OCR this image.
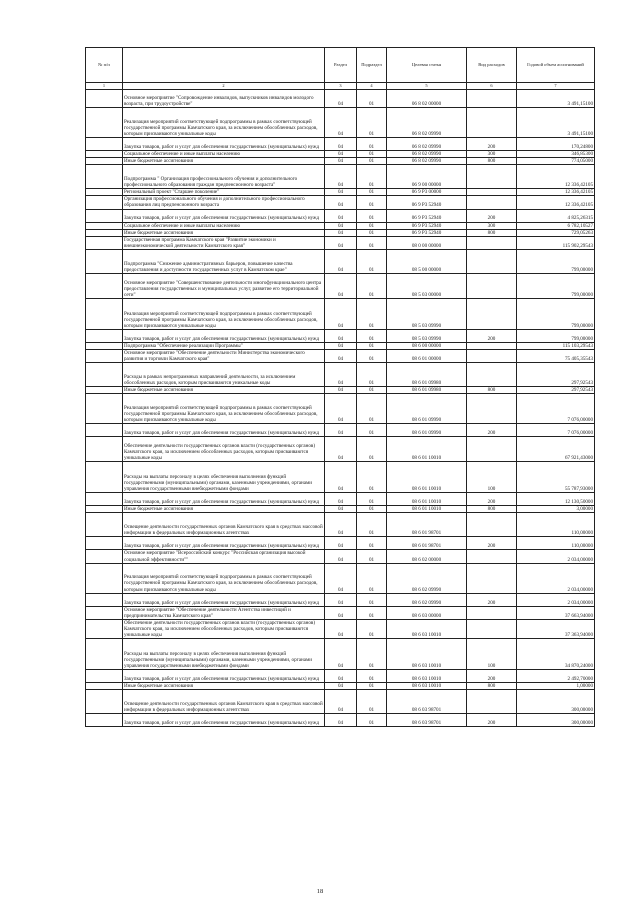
№ п/п		Раздел	Подраздел	Целевая статья	Вид расходов	Годовой объем ассигнований
1	2	3	4	5	6	7
	Основное мероприятие "Сопровождение инвалидов, выпускников инвалидов молодого возраста, при трудоустройстве"	04	01	06 8 02 00000		3 491,15100
	Реализация мероприятий соответствующей подпрограммы в рамках соответствующей государственной программы Камчатского края, за исключением обособленных расходов, которым присваиваются уникальные коды	04	01	06 8 02 09990		3 491,15100
	Закупка товаров, работ и услуг для обеспечения государственных (муниципальных) нужд	04	01	06 8 02 09990	200	170,24800
	Социальное обеспечение и иные выплаты населению	04	01	06 8 02 09990	300	346,85300
	Иные бюджетные ассигнования	04	01	06 8 02 09990	800	774,05000
	Подпрограмма " Организация профессионального обучения и дополнительного профессионального образования граждан предпенсионного возраста"	04	01	06 9 00 00000		12 336,42105
	Региональный проект "Старшее поколение"	04	01	06 9 P3 00000		12 336,42105
	Организация профессионального обучения и дополнительного профессионального образования лиц предпенсионного возраста	04	01	06 9 P3 52940		12 336,42105
	Закупка товаров, работ и услуг для обеспечения государственных (муниципальных) нужд	04	01	06 9 P3 52940	200	4 825,26315
	Социальное обеспечение и иные выплаты населению	04	01	06 9 P3 52940	300	6 782,10527
	Иные бюджетные ассигнования	04	01	06 9 P3 52940	800	729,05263
	Государственная программа Камчатского края "Развитие экономики и внешнеэкономической деятельности Камчатского края"	04	01	08 0 00 00000		115 902,29543
	Подпрограмма "Снижение административных барьеров, повышение качества предоставления и доступности государственных услуг в Камчатском крае"	04	01	08 5 00 00000		799,00000
	Основное мероприятие "Совершенствование деятельности многофункционального центра предоставления государственных и муниципальных услуг, развитие его территориальной сети"	04	01	08 5 03 00000		799,00000
	Реализация мероприятий соответствующей подпрограммы в рамках соответствующей государственной программы Камчатского края, за исключением обособленных расходов, которым присваиваются уникальные коды	04	01	08 5 03 09990		799,00000
	Закупка товаров, работ и услуг для обеспечения государственных (муниципальных) нужд	04	01	08 5 03 09990	200	799,00000
	Подпрограмма "Обеспечение реализации Программы"	04	01	08 6 00 00000		115 103,29543
	Основное мероприятие "Обеспечение деятельности Министерства экономического развития и торговли Камчатского края"	04	01	08 6 01 00000		75 405,35543
	Расходы в рамках непрограммных направлений деятельности, за исключением обособленных расходов, которым присваиваются уникальные коды	04	01	08 6 01 09980		297,92543
	Иные бюджетные ассигнования	04	01	08 6 01 09980	800	297,92543
	Реализация мероприятий соответствующей подпрограммы в рамках соответствующей государственной программы Камчатского края, за исключением обособленных расходов, которым присваиваются уникальные коды	04	01	08 6 01 09990		7 076,00000
	Закупка товаров, работ и услуг для обеспечения государственных (муниципальных) нужд	04	01	08 6 01 09990	200	7 076,00000
	Обеспечение деятельности государственных органов власти (государственных органов) Камчатского края, за исключением обособленных расходов, которым присваиваются уникальные коды	04	01	08 6 01 10010		67 921,43000
	Расходы на выплаты персоналу в целях обеспечения выполнения функций государственными (муниципальными) органами, казенными учреждениями, органами управления государственными внебюджетными фондами	04	01	08 6 01 10010	100	55 787,93000
	Закупка товаров, работ и услуг для обеспечения государственных (муниципальных) нужд	04	01	08 6 01 10010	200	12 130,50000
	Иные бюджетные ассигнования	04	01	08 6 01 10010	800	3,00000
	Освещение деятельности государственных органов Камчатского края в средствах массовой информации в федеральных информационных агентствах	04	01	08 6 01 98701		110,00000
	Закупка товаров, работ и услуг для обеспечения государственных (муниципальных) нужд	04	01	08 6 01 98701	200	110,00000
	Основное мероприятие "Всероссийский конкурс "Российская организация высокой социальной эффективности""	04	01	08 6 02 00000		2 034,00000
	Реализация мероприятий соответствующей подпрограммы в рамках соответствующей государственной программы Камчатского края, за исключением обособленных расходов, которым присваиваются уникальные коды	04	01	08 6 02 09990		2 034,00000
	Закупка товаров, работ и услуг для обеспечения государственных (муниципальных) нужд	04	01	08 6 02 09990	200	2 034,00000
	Основное мероприятие "Обеспечение деятельности Агентства инвестиций и предпринимательства Камчатского края"	04	01	08 6 03 00000		37 663,94000
	Обеспечение деятельности государственных органов власти (государственных органов) Камчатского края, за исключением обособленных расходов, которым присваиваются уникальные коды	04	01	08 6 03 10010		37 363,94000
	Расходы на выплаты персоналу в целях обеспечения выполнения функций государственными (муниципальными) органами, казенными учреждениями, органами управления государственными внебюджетными фондами	04	01	08 6 03 10010	100	34 870,24000
	Закупка товаров, работ и услуг для обеспечения государственных (муниципальных) нужд	04	01	08 6 03 10010	200	2 492,70000
	Иные бюджетные ассигнования	04	01	08 6 03 10010	800	1,00000
	Освещение деятельности государственных органов Камчатского края в средствах массовой информации в федеральных информационных агентствах	04	01	08 6 03 98701		300,00000
	Закупка товаров, работ и услуг для обеспечения государственных (муниципальных) нужд	04	01	08 6 03 98701	200	300,00000
18
